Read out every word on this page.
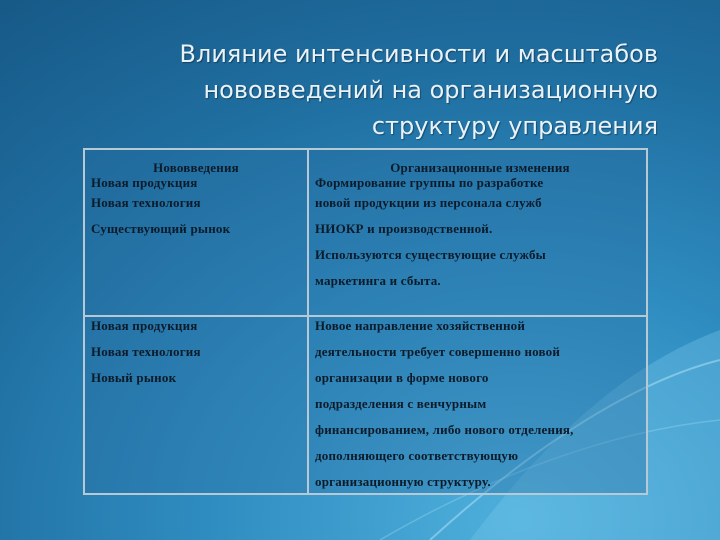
Влияние интенсивности и масштабов
нововведений на организационную
структуру управления
Нововведения
Новая продукция
Новая технология
Существующий рынок
Организационные изменения
Формирование группы по разработке
новой продукции из персонала служб
НИОКР и производственной.
Используются существующие службы
маркетинга и сбыта.
Новая продукция
Новая технология
Новый рынок
Новое направление хозяйственной
деятельности требует совершенно новой
организации в форме нового
подразделения с венчурным
финансированием, либо нового отделения,
дополняющего соответствующую
организационную структуру.
